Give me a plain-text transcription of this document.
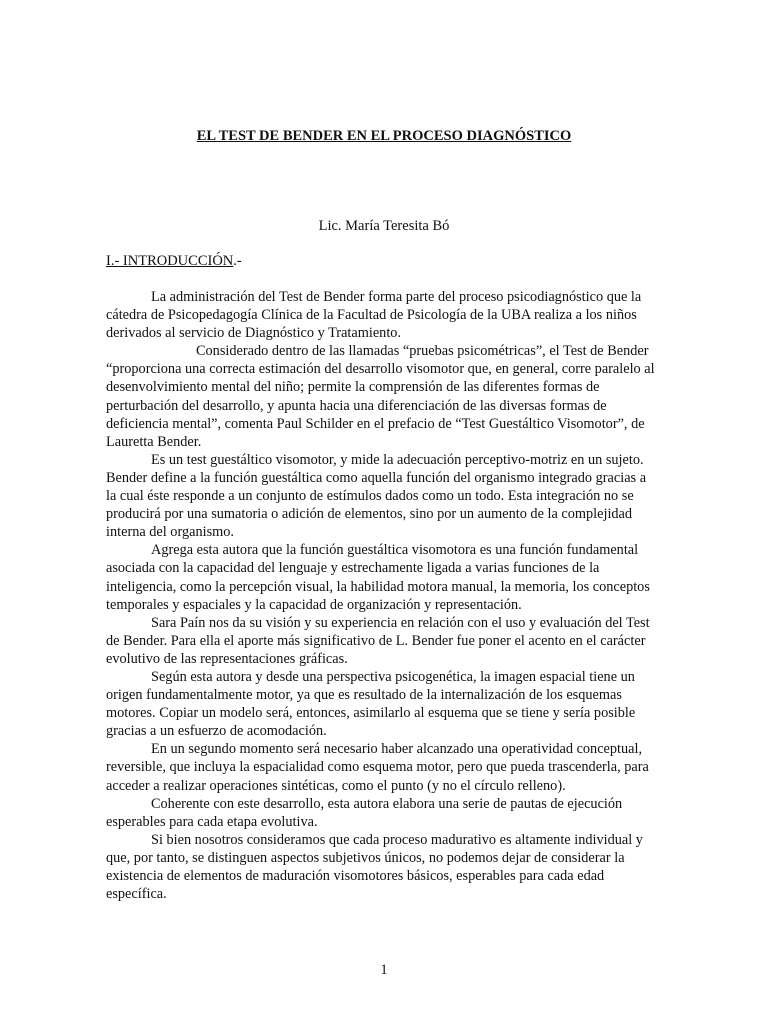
EL TEST DE BENDER EN EL PROCESO DIAGNÓSTICO
Lic. María Teresita Bó
I.- INTRODUCCIÓN.-

La administración del Test de Bender forma parte del proceso psicodiagnóstico que la cátedra de Psicopedagogía Clínica de la Facultad de Psicología de la UBA realiza a los niños derivados al servicio de Diagnóstico y Tratamiento.

Considerado dentro de las llamadas “pruebas psicométricas”, el Test de Bender “proporciona una correcta estimación del desarrollo visomotor que, en general, corre paralelo al desenvolvimiento mental del niño; permite la comprensión de las diferentes formas de perturbación del desarrollo, y apunta hacia una diferenciación de las diversas formas de deficiencia mental”, comenta Paul Schilder en el prefacio de “Test Guestáltico Visomotor”, de Lauretta Bender.

Es un test guestáltico visomotor, y mide la adecuación perceptivo-motriz en un sujeto. Bender define a la función guestáltica como aquella función del organismo integrado gracias a la cual éste responde a un conjunto de estímulos dados como un todo. Esta integración no se producirá por una sumatoria o adición de elementos, sino por un aumento de la complejidad interna del organismo.

Agrega esta autora que la función guestáltica visomotora es una función fundamental asociada con la capacidad del lenguaje y estrechamente ligada a varias funciones de la inteligencia, como la percepción visual, la habilidad motora manual, la memoria, los conceptos temporales y espaciales y la capacidad de organización y representación.

Sara Paín nos da su visión y su experiencia en relación con el uso y evaluación del Test de Bender. Para ella el aporte más significativo de L. Bender fue poner el acento en el carácter evolutivo de las representaciones gráficas.

Según esta autora y desde una perspectiva psicogenética, la imagen espacial tiene un origen fundamentalmente motor, ya que es resultado de la internalización de los esquemas motores. Copiar un modelo será, entonces, asimilarlo al esquema que se tiene y sería posible gracias a un esfuerzo de acomodación.

En un segundo momento será necesario haber alcanzado una operatividad conceptual, reversible, que incluya la espacialidad como esquema motor, pero que pueda trascenderla, para acceder a realizar operaciones sintéticas, como el punto (y no el círculo relleno).

Coherente con este desarrollo, esta autora elabora una serie de pautas de ejecución esperables para cada etapa evolutiva.

Si bien nosotros consideramos que cada proceso madurativo es altamente individual y que, por tanto, se distinguen aspectos subjetivos únicos, no podemos dejar de considerar la existencia de elementos de maduración visomotores básicos, esperables para cada edad específica.

1
